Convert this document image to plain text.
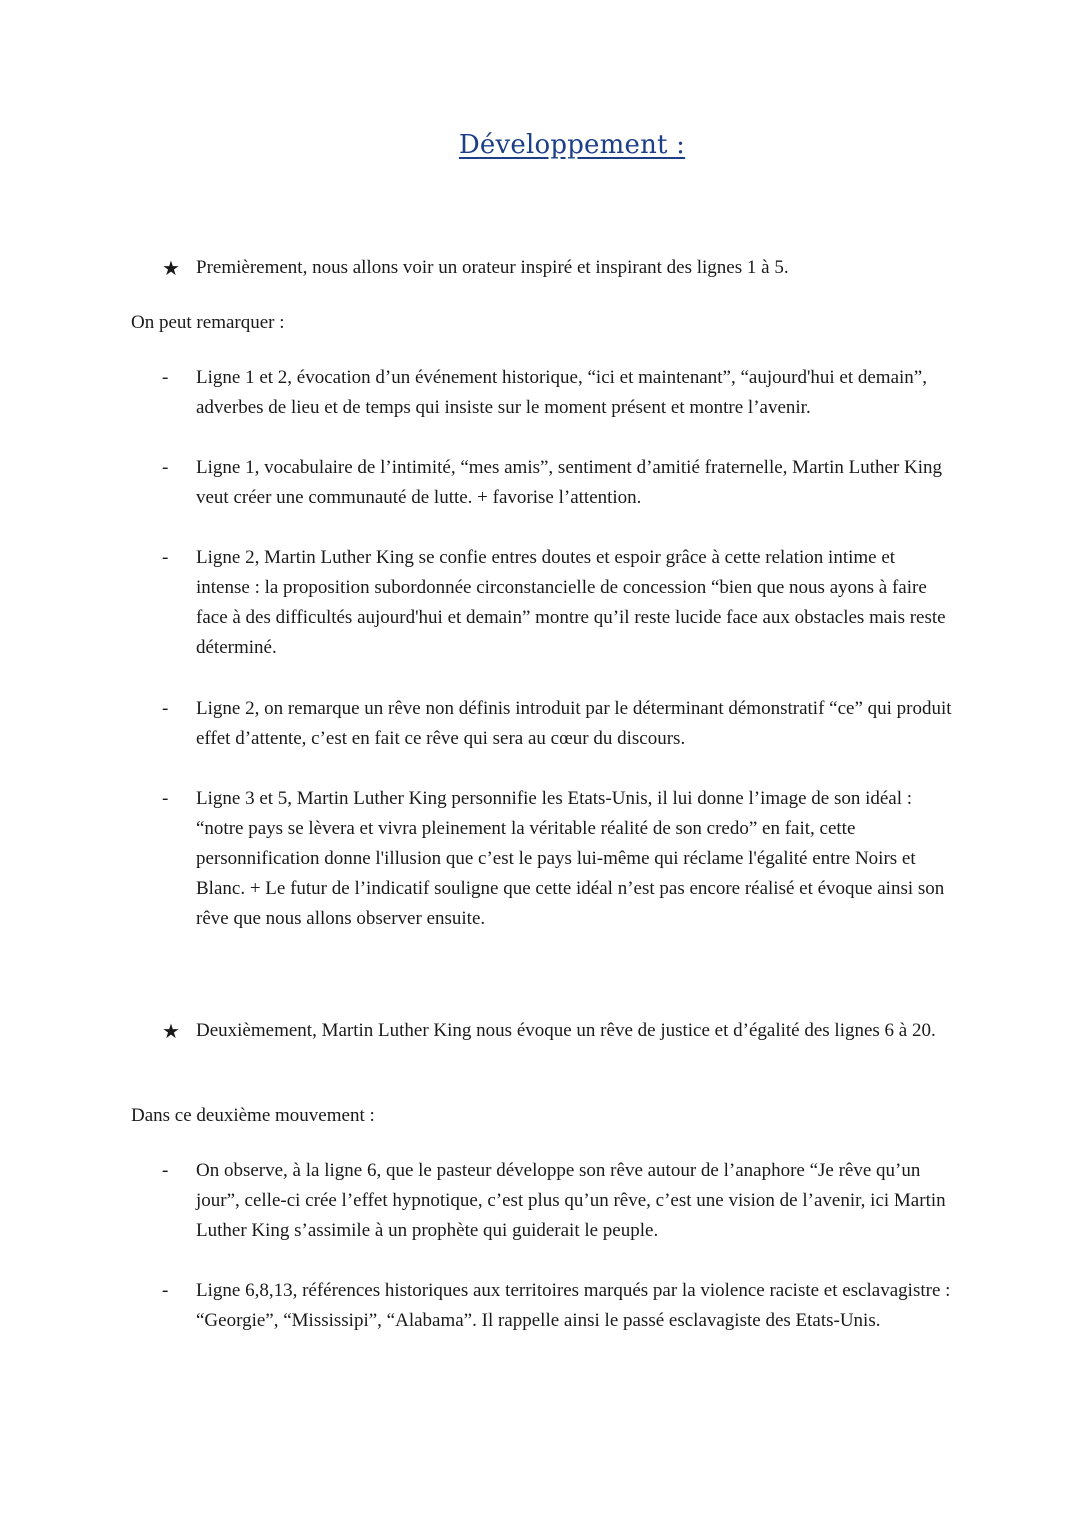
Développement :
★ Premièrement, nous allons voir un orateur inspiré et inspirant des lignes 1 à 5.
On peut remarquer :
-	Ligne 1 et 2, évocation d’un événement historique, “ici et maintenant”, “aujourd'hui et demain”, adverbes de lieu et de temps qui insiste sur le moment présent et montre l’avenir.
-	Ligne 1, vocabulaire de l’intimité, “mes amis”, sentiment d’amitié fraternelle, Martin Luther King veut créer une communauté de lutte. + favorise l’attention.
-	Ligne 2, Martin Luther King se confie entres doutes et espoir grâce à cette relation intime et intense : la proposition subordonnée circonstancielle de concession “bien que nous ayons à faire face à des difficultés aujourd'hui et demain” montre qu’il reste lucide face aux obstacles mais reste déterminé.
-	Ligne 2, on remarque un rêve non définis introduit par le déterminant démonstratif “ce” qui produit effet d’attente, c’est en fait ce rêve qui sera au cœur du discours.
-	Ligne 3 et 5, Martin Luther King personnifie les Etats-Unis, il lui donne l’image de son idéal : “notre pays se lèvera et vivra pleinement la véritable réalité de son credo” en fait, cette personnification donne l'illusion que c’est le pays lui-même qui réclame l'égalité entre Noirs et Blanc. + Le futur de l’indicatif souligne que cette idéal n’est pas encore réalisé et évoque ainsi son rêve que nous allons observer ensuite.
★ Deuxièmement, Martin Luther King nous évoque un rêve de justice et d’égalité des lignes 6 à 20.
Dans ce deuxième mouvement :
-	On observe, à la ligne 6, que le pasteur développe son rêve autour de l’anaphore “Je rêve qu’un jour”, celle-ci crée l’effet hypnotique, c’est plus qu’un rêve, c’est une vision de l’avenir, ici Martin Luther King s’assimile à un prophète qui guiderait le peuple.
-	Ligne 6,8,13, références historiques aux territoires marqués par la violence raciste et esclavagistre : “Georgie”, “Mississipi”, “Alabama”. Il rappelle ainsi le passé esclavagiste des Etats-Unis.
